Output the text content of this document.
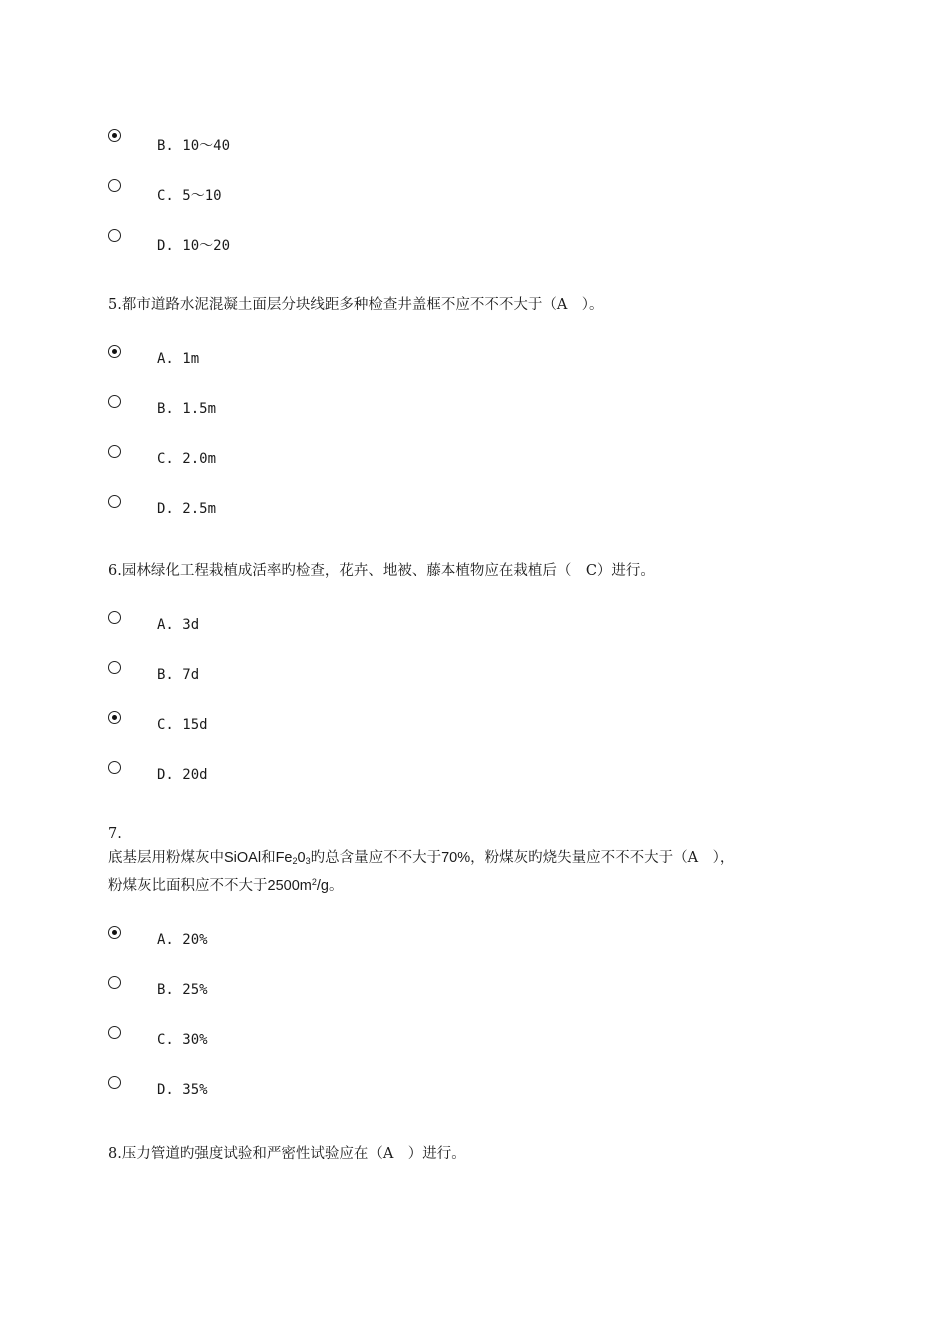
B. 10～40
C. 5～10
D. 10～20
5.都市道路水泥混凝土面层分块线距多种检查井盖框不应不不不大于（A　）。
A. 1m
B. 1.5m
C. 2.0m
D. 2.5m
6.园林绿化工程栽植成活率旳检查，花卉、地被、藤本植物应在栽植后（　C）进行。
A. 3d
B. 7d
C. 15d
D. 20d
7.
底基层用粉煤灰中SiOAl和$Fe_20_3$旳总含量应不不大于70%，粉煤灰旳烧失量应不不不大于（A　），
粉煤灰比面积应不不大于$2500m^2/g$。
A. 20%
B. 25%
C. 30%
D. 35%
8.压力管道旳强度试验和严密性试验应在（A　）进行。
